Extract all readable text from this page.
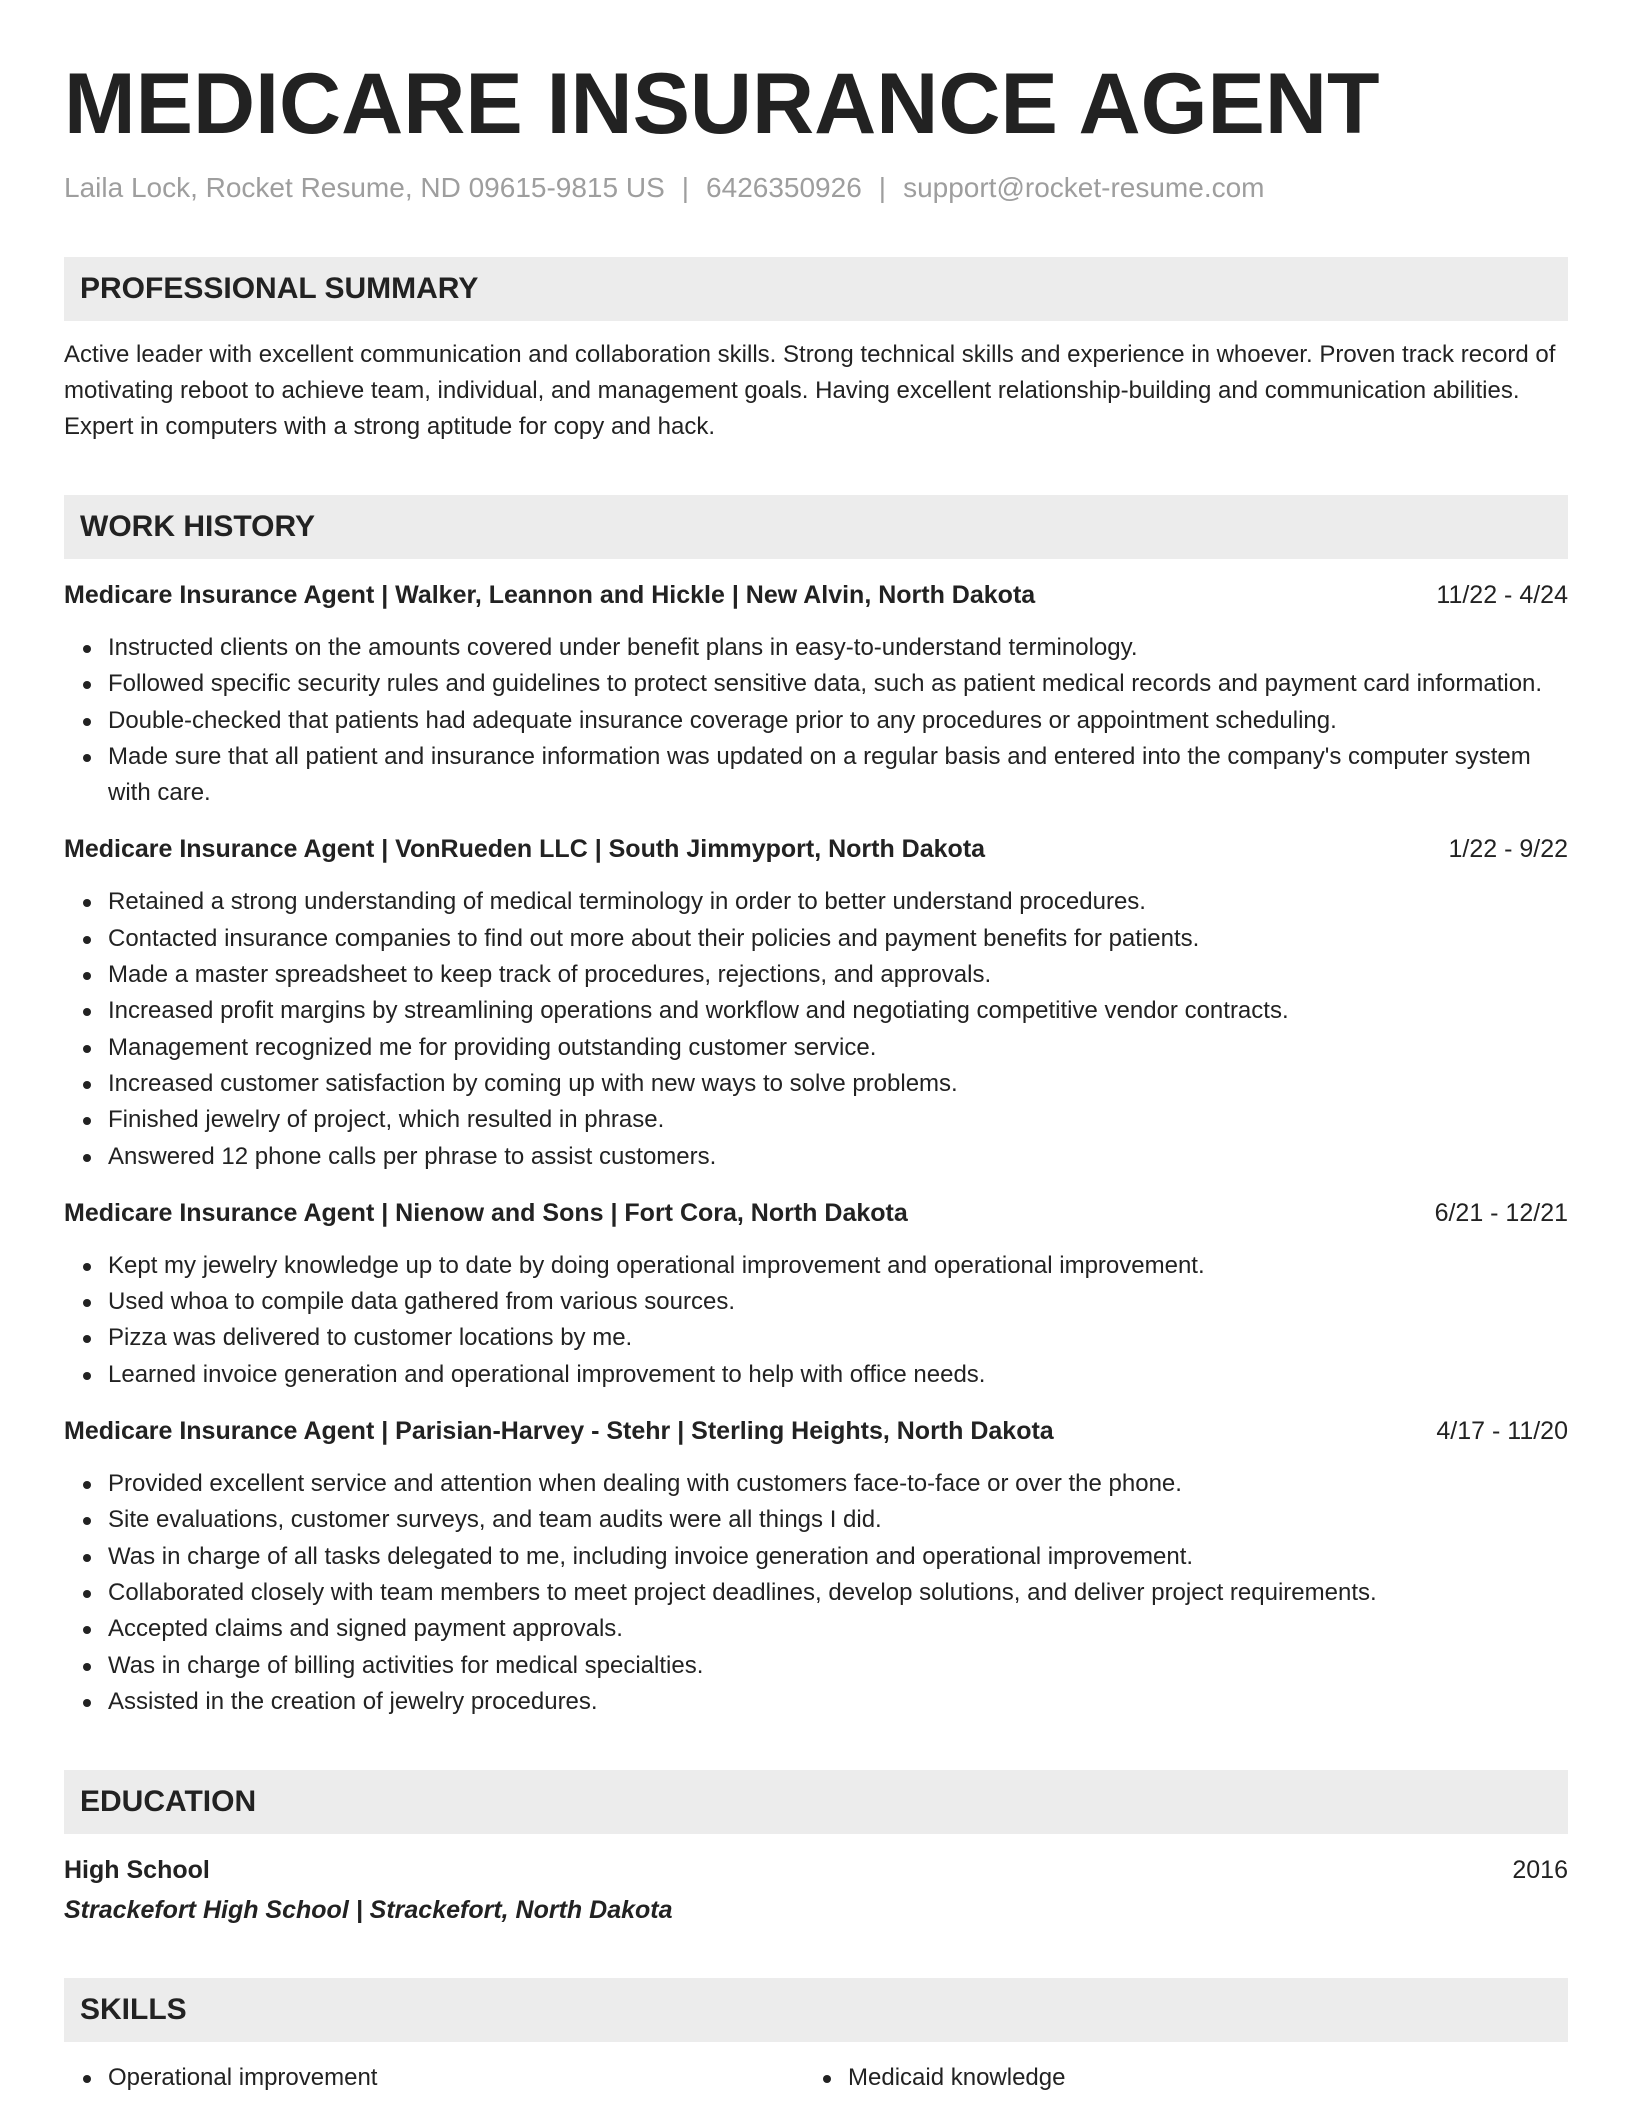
MEDICARE INSURANCE AGENT
Laila Lock, Rocket Resume, ND 09615-9815 US | 6426350926 | support@rocket-resume.com
PROFESSIONAL SUMMARY
Active leader with excellent communication and collaboration skills. Strong technical skills and experience in whoever. Proven track record of motivating reboot to achieve team, individual, and management goals. Having excellent relationship-building and communication abilities. Expert in computers with a strong aptitude for copy and hack.
WORK HISTORY
Medicare Insurance Agent | Walker, Leannon and Hickle | New Alvin, North Dakota	11/22 - 4/24
Instructed clients on the amounts covered under benefit plans in easy-to-understand terminology.
Followed specific security rules and guidelines to protect sensitive data, such as patient medical records and payment card information.
Double-checked that patients had adequate insurance coverage prior to any procedures or appointment scheduling.
Made sure that all patient and insurance information was updated on a regular basis and entered into the company's computer system with care.
Medicare Insurance Agent | VonRueden LLC | South Jimmyport, North Dakota	1/22 - 9/22
Retained a strong understanding of medical terminology in order to better understand procedures.
Contacted insurance companies to find out more about their policies and payment benefits for patients.
Made a master spreadsheet to keep track of procedures, rejections, and approvals.
Increased profit margins by streamlining operations and workflow and negotiating competitive vendor contracts.
Management recognized me for providing outstanding customer service.
Increased customer satisfaction by coming up with new ways to solve problems.
Finished jewelry of project, which resulted in phrase.
Answered 12 phone calls per phrase to assist customers.
Medicare Insurance Agent | Nienow and Sons | Fort Cora, North Dakota	6/21 - 12/21
Kept my jewelry knowledge up to date by doing operational improvement and operational improvement.
Used whoa to compile data gathered from various sources.
Pizza was delivered to customer locations by me.
Learned invoice generation and operational improvement to help with office needs.
Medicare Insurance Agent | Parisian-Harvey - Stehr | Sterling Heights, North Dakota	4/17 - 11/20
Provided excellent service and attention when dealing with customers face-to-face or over the phone.
Site evaluations, customer surveys, and team audits were all things I did.
Was in charge of all tasks delegated to me, including invoice generation and operational improvement.
Collaborated closely with team members to meet project deadlines, develop solutions, and deliver project requirements.
Accepted claims and signed payment approvals.
Was in charge of billing activities for medical specialties.
Assisted in the creation of jewelry procedures.
EDUCATION
High School	2016
Strackefort High School | Strackefort, North Dakota
SKILLS
Operational improvement	Medicaid knowledge
